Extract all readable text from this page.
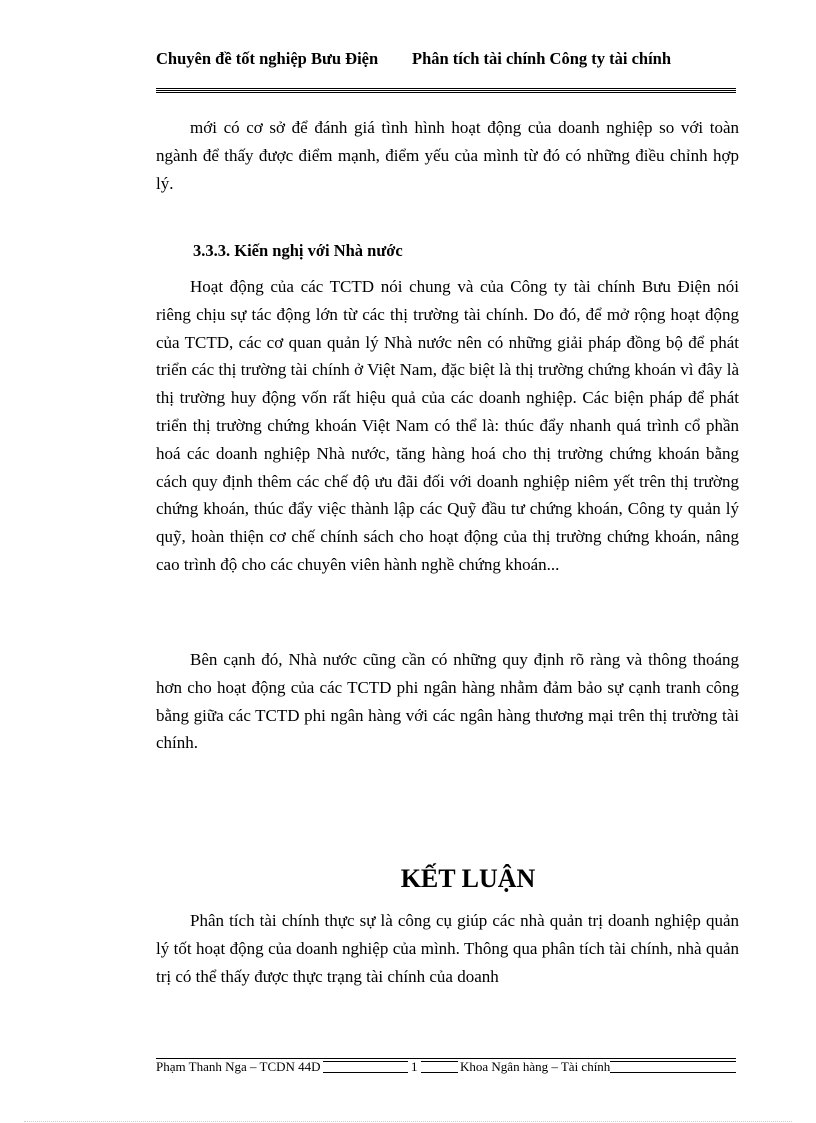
Chuyên đề tốt nghiệp Bưu Điện	Phân tích tài chính Công ty tài chính

mới có cơ sở để đánh giá tình hình hoạt động của doanh nghiệp so với toàn ngành để thấy được điểm mạnh, điểm yếu của mình từ đó có những điều chỉnh hợp lý.

3.3.3. Kiến nghị với Nhà nước

Hoạt động của các TCTD nói chung và của Công ty tài chính Bưu Điện nói riêng chịu sự tác động lớn từ các thị trường tài chính. Do đó, để mở rộng hoạt động của TCTD, các cơ quan quản lý Nhà nước nên có những giải pháp đồng bộ để phát triển các thị trường tài chính ở Việt Nam, đặc biệt là thị trường chứng khoán vì đây là thị trường huy động vốn rất hiệu quả của các doanh nghiệp. Các biện pháp để phát triển thị trường chứng khoán Việt Nam có thể là: thúc đẩy nhanh quá trình cổ phần hoá các doanh nghiệp Nhà nước, tăng hàng hoá cho thị trường chứng khoán bằng cách quy định thêm các chế độ ưu đãi đối với doanh nghiệp niêm yết trên thị trường chứng khoán, thúc đẩy việc thành lập các Quỹ đầu tư chứng khoán, Công ty quản lý quỹ, hoàn thiện cơ chế chính sách cho hoạt động của thị trường chứng khoán, nâng cao trình độ cho các chuyên viên hành nghề chứng khoán...

Bên cạnh đó, Nhà nước cũng cần có những quy định rõ ràng và thông thoáng hơn cho hoạt động của các TCTD phi ngân hàng nhằm đảm bảo sự cạnh tranh công bằng giữa các TCTD phi ngân hàng với các ngân hàng thương mại trên thị trường tài chính.

KẾT LUẬN

Phân tích tài chính thực sự là công cụ giúp các nhà quản trị doanh nghiệp quản lý tốt hoạt động của doanh nghiệp của mình. Thông qua phân tích tài chính, nhà quản trị có thể thấy được thực trạng tài chính của doanh

Phạm Thanh Nga – TCDN 44D	1	Khoa Ngân hàng – Tài chính
